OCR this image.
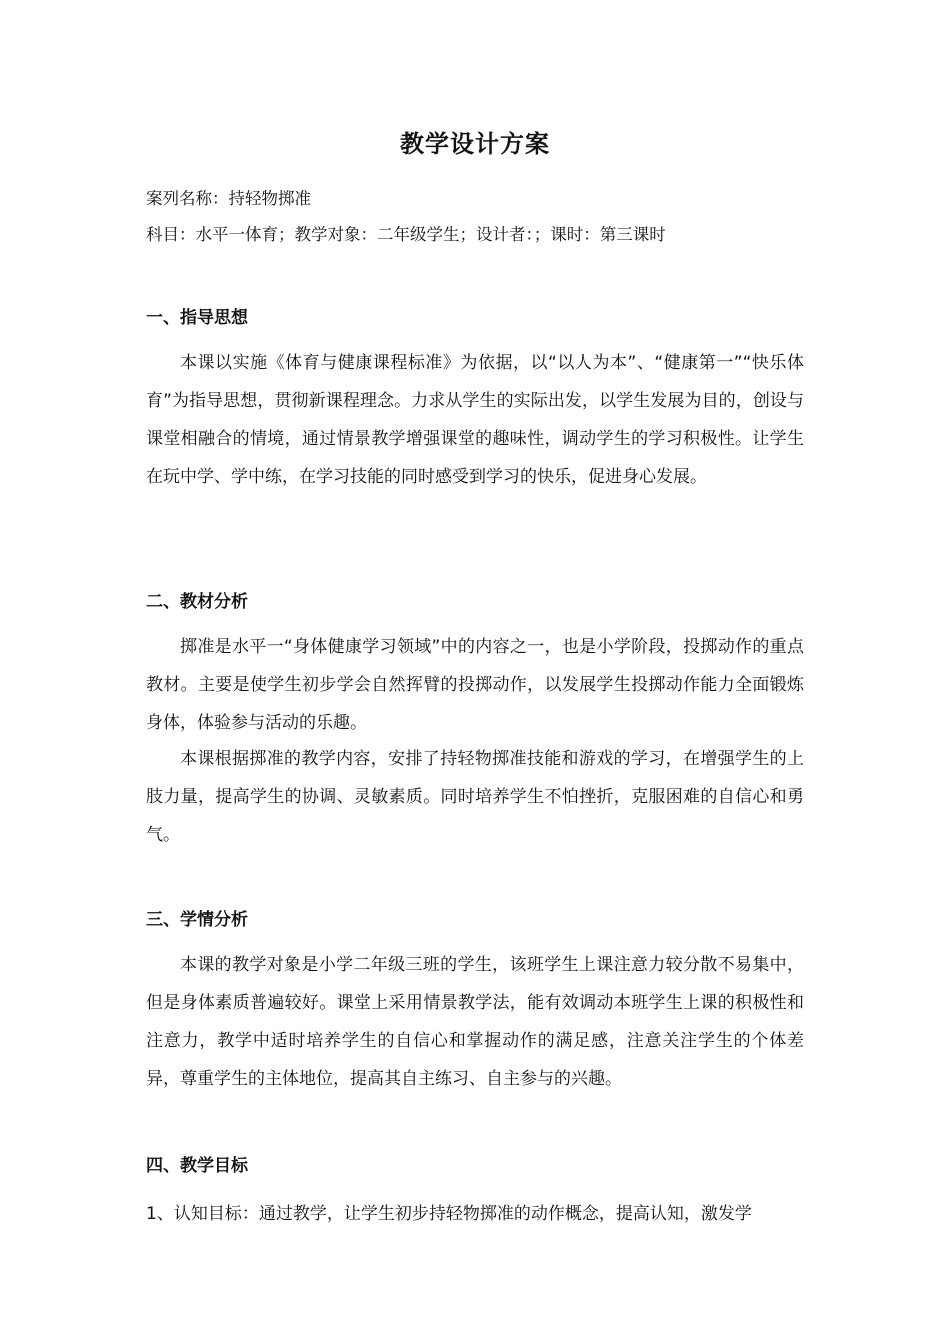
教学设计方案
案列名称：持轻物掷准
科目：水平一体育；教学对象：二年级学生；设计者：；课时：第三课时
一、指导思想
本课以实施《体育与健康课程标准》为依据，以“以人为本”、“健康第一”“快乐体育”为指导思想，贯彻新课程理念。力求从学生的实际出发，以学生发展为目的，创设与课堂相融合的情境，通过情景教学增强课堂的趣味性，调动学生的学习积极性。让学生在玩中学、学中练，在学习技能的同时感受到学习的快乐，促进身心发展。
二、教材分析
掷准是水平一“身体健康学习领域”中的内容之一，也是小学阶段，投掷动作的重点教材。主要是使学生初步学会自然挥臂的投掷动作，以发展学生投掷动作能力全面锻炼身体，体验参与活动的乐趣。
本课根据掷准的教学内容，安排了持轻物掷准技能和游戏的学习，在增强学生的上肢力量，提高学生的协调、灵敏素质。同时培养学生不怕挫折，克服困难的自信心和勇气。
三、学情分析
本课的教学对象是小学二年级三班的学生，该班学生上课注意力较分散不易集中，但是身体素质普遍较好。课堂上采用情景教学法，能有效调动本班学生上课的积极性和注意力，教学中适时培养学生的自信心和掌握动作的满足感，注意关注学生的个体差异，尊重学生的主体地位，提高其自主练习、自主参与的兴趣。
四、教学目标
1、认知目标：通过教学，让学生初步持轻物掷准的动作概念，提高认知，激发学
